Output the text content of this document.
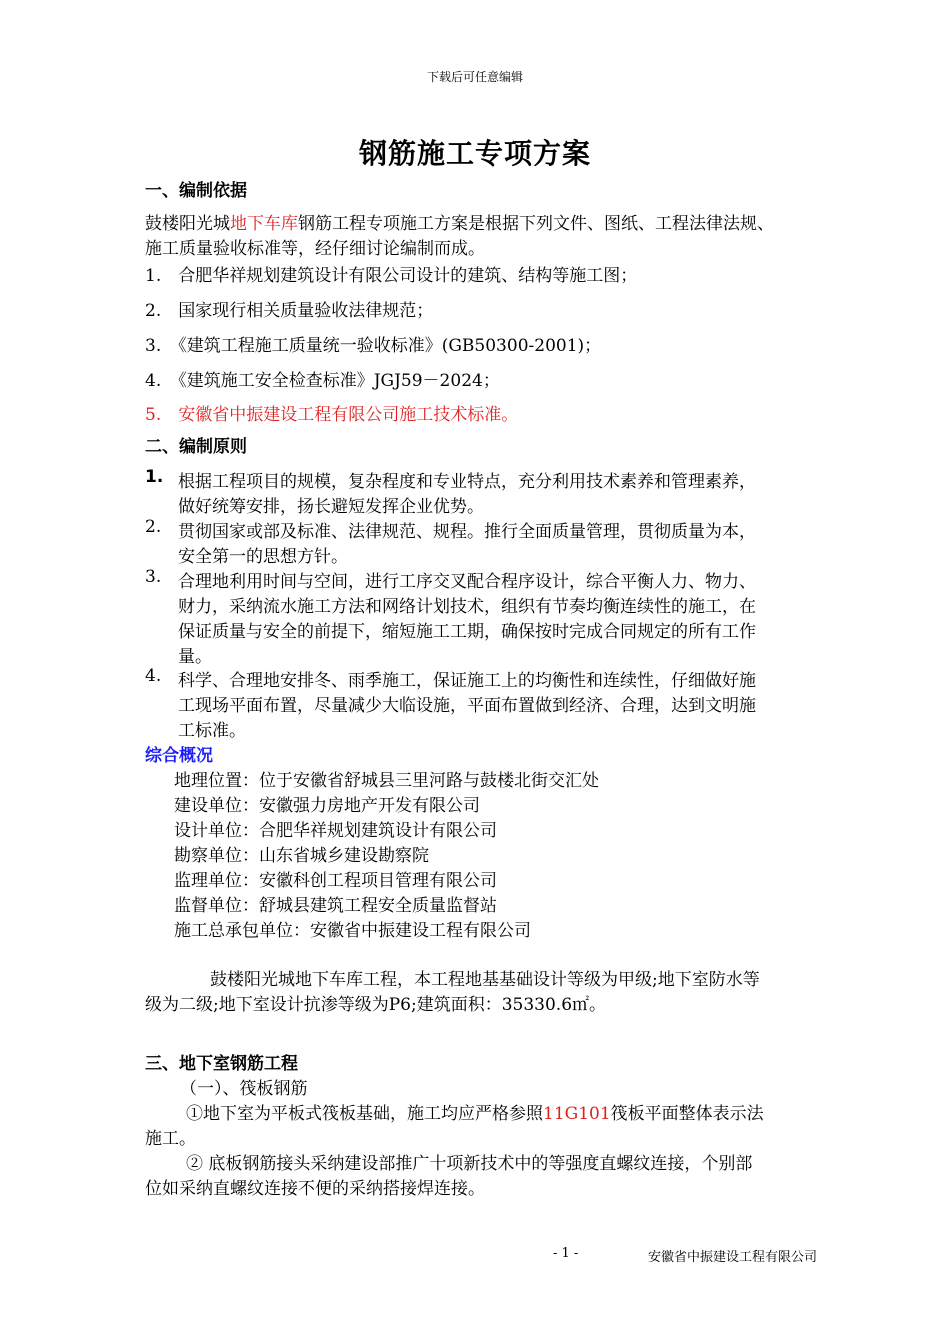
下载后可任意编辑
钢筋施工专项方案
一、编制依据
鼓楼阳光城地下车库钢筋工程专项施工方案是根据下列文件、图纸、工程法律法规、
施工质量验收标准等，经仔细讨论编制而成。
1.　合肥华祥规划建筑设计有限公司设计的建筑、结构等施工图；
2.　国家现行相关质量验收法律规范；
3.　《建筑工程施工质量统一验收标准》(GB50300-2001)；
4.　《建筑施工安全检查标准》JGJ59－2024；
5.　安徽省中振建设工程有限公司施工技术标准。
二、编制原则
1. 根据工程项目的规模，复杂程度和专业特点，充分利用技术素养和管理素养，
做好统筹安排，扬长避短发挥企业优势。
2. 贯彻国家或部及标准、法律规范、规程。推行全面质量管理，贯彻质量为本，
安全第一的思想方针。
3. 合理地利用时间与空间，进行工序交叉配合程序设计，综合平衡人力、物力、
财力，采纳流水施工方法和网络计划技术，组织有节奏均衡连续性的施工，在
保证质量与安全的前提下，缩短施工工期，确保按时完成合同规定的所有工作
量。
4. 科学、合理地安排冬、雨季施工，保证施工上的均衡性和连续性，仔细做好施
工现场平面布置，尽量减少大临设施，平面布置做到经济、合理，达到文明施
工标准。
综合概况
地理位置：位于安徽省舒城县三里河路与鼓楼北街交汇处
建设单位：安徽强力房地产开发有限公司
设计单位：合肥华祥规划建筑设计有限公司
勘察单位：山东省城乡建设勘察院
监理单位：安徽科创工程项目管理有限公司
监督单位：舒城县建筑工程安全质量监督站
施工总承包单位：安徽省中振建设工程有限公司
鼓楼阳光城地下车库工程，本工程地基基础设计等级为甲级;地下室防水等
级为二级;地下室设计抗渗等级为P6;建筑面积：35330.6㎡。
三、地下室钢筋工程
（一）、筏板钢筋
①地下室为平板式筏板基础，施工均应严格参照11G101筏板平面整体表示法
施工。
② 底板钢筋接头采纳建设部推广十项新技术中的等强度直螺纹连接，个别部
位如采纳直螺纹连接不便的采纳搭接焊连接。
- 1 -	安徽省中振建设工程有限公司
